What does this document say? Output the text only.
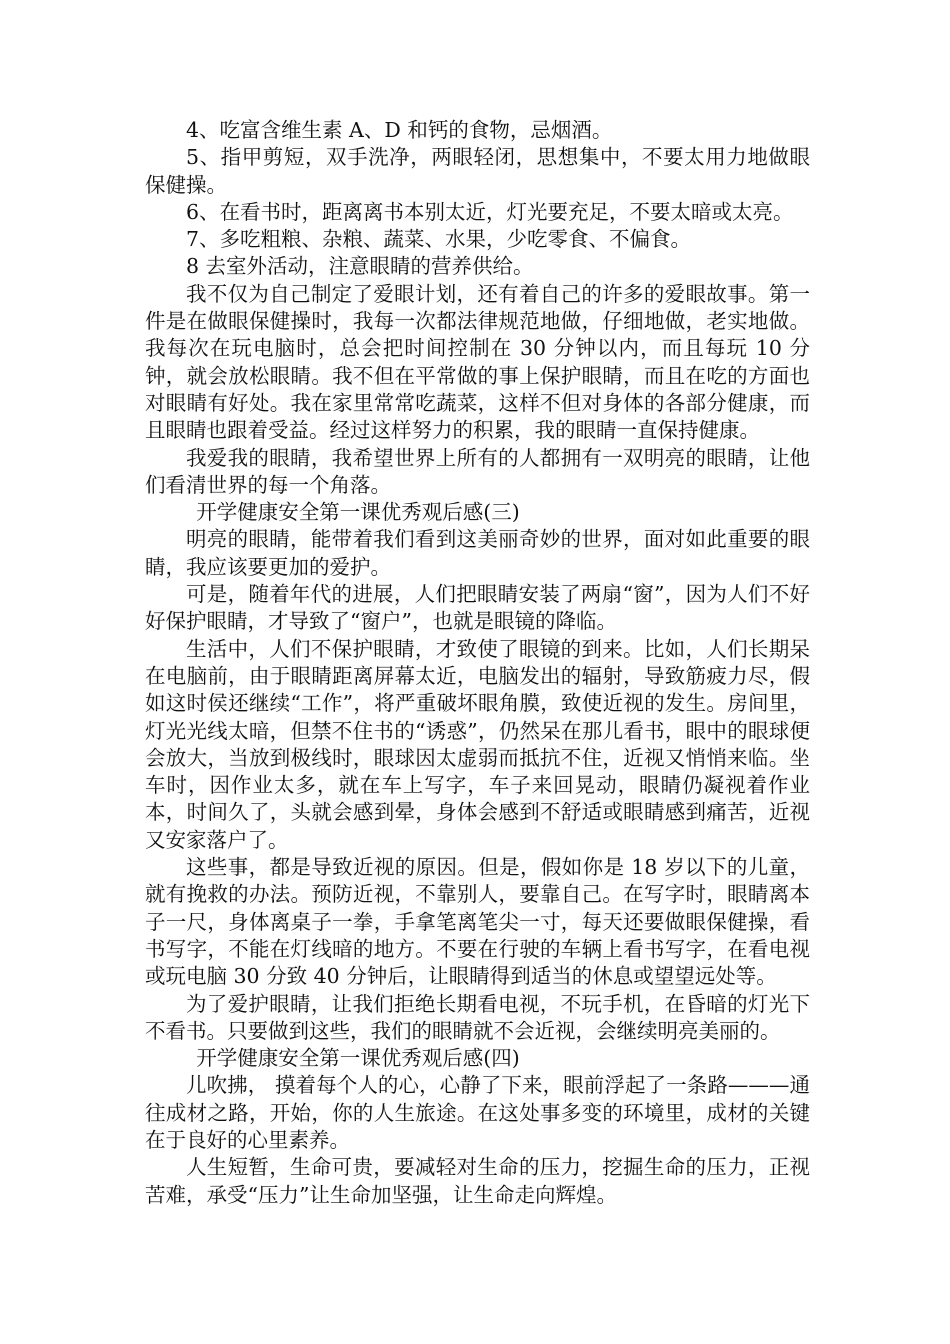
4、吃富含维生素 A、D 和钙的食物，忌烟酒。

5、指甲剪短，双手洗净，两眼轻闭，思想集中，不要太用力地做眼保健操。

6、在看书时，距离离书本别太近，灯光要充足，不要太暗或太亮。

7、多吃粗粮、杂粮、蔬菜、水果，少吃零食、不偏食。

8 去室外活动，注意眼睛的营养供给。

我不仅为自己制定了爱眼计划，还有着自己的许多的爱眼故事。第一件是在做眼保健操时，我每一次都法律规范地做，仔细地做，老实地做。我每次在玩电脑时，总会把时间控制在 30 分钟以内，而且每玩 10 分钟，就会放松眼睛。我不但在平常做的事上保护眼睛，而且在吃的方面也对眼睛有好处。我在家里常常吃蔬菜，这样不但对身体的各部分健康，而且眼睛也跟着受益。经过这样努力的积累，我的眼睛一直保持健康。

我爱我的眼睛，我希望世界上所有的人都拥有一双明亮的眼睛，让他们看清世界的每一个角落。

开学健康安全第一课优秀观后感(三)

明亮的眼睛，能带着我们看到这美丽奇妙的世界，面对如此重要的眼睛，我应该要更加的爱护。

可是，随着年代的进展，人们把眼睛安装了两扇“窗”，因为人们不好好保护眼睛，才导致了“窗户”，也就是眼镜的降临。

生活中，人们不保护眼睛，才致使了眼镜的到来。比如，人们长期呆在电脑前，由于眼睛距离屏幕太近，电脑发出的辐射，导致筋疲力尽，假如这时侯还继续“工作”，将严重破坏眼角膜，致使近视的发生。房间里，灯光光线太暗，但禁不住书的“诱惑”，仍然呆在那儿看书，眼中的眼球便会放大，当放到极线时，眼球因太虚弱而抵抗不住，近视又悄悄来临。坐车时，因作业太多，就在车上写字，车子来回晃动，眼睛仍凝视着作业本，时间久了，头就会感到晕，身体会感到不舒适或眼睛感到痛苦，近视又安家落户了。

这些事，都是导致近视的原因。但是，假如你是 18 岁以下的儿童，就有挽救的办法。预防近视，不靠别人，要靠自己。在写字时，眼睛离本子一尺，身体离桌子一拳，手拿笔离笔尖一寸，每天还要做眼保健操，看书写字，不能在灯线暗的地方。不要在行驶的车辆上看书写字，在看电视或玩电脑 30 分致 40 分钟后，让眼睛得到适当的休息或望望远处等。

为了爱护眼睛，让我们拒绝长期看电视，不玩手机，在昏暗的灯光下不看书。只要做到这些，我们的眼睛就不会近视，会继续明亮美丽的。

开学健康安全第一课优秀观后感(四)

儿吹拂， 摸着每个人的心，心静了下来，眼前浮起了一条路———通往成材之路，开始，你的人生旅途。在这处事多变的环境里，成材的关键在于良好的心里素养。

人生短暂，生命可贵，要减轻对生命的压力，挖掘生命的压力，正视苦难，承受“压力”让生命加坚强，让生命走向辉煌。
